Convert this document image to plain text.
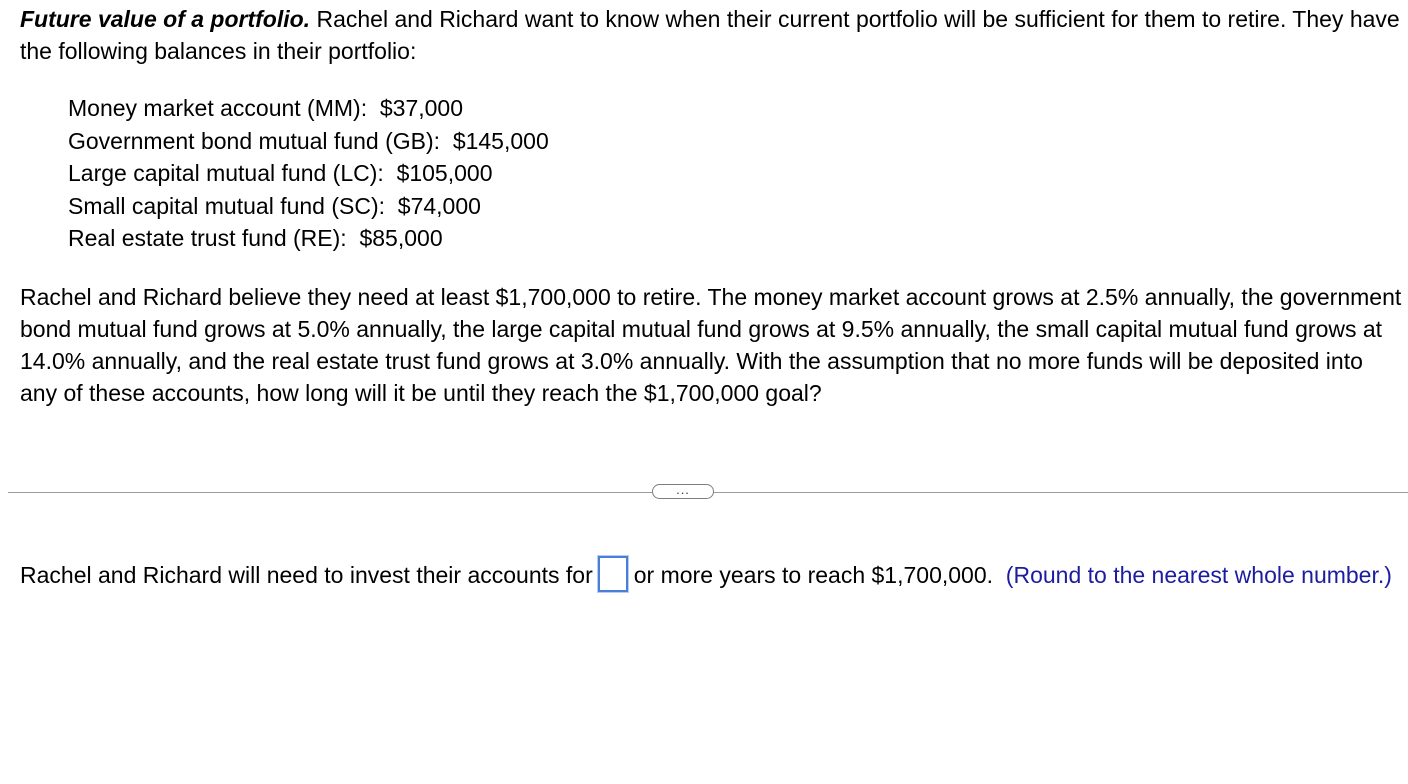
Future value of a portfolio. Rachel and Richard want to know when their current portfolio will be sufficient for them to retire. They have the following balances in their portfolio:
Money market account (MM): $37,000
Government bond mutual fund (GB): $145,000
Large capital mutual fund (LC): $105,000
Small capital mutual fund (SC): $74,000
Real estate trust fund (RE): $85,000
Rachel and Richard believe they need at least $1,700,000 to retire. The money market account grows at 2.5% annually, the government bond mutual fund grows at 5.0% annually, the large capital mutual fund grows at 9.5% annually, the small capital mutual fund grows at 14.0% annually, and the real estate trust fund grows at 3.0% annually. With the assumption that no more funds will be deposited into any of these accounts, how long will it be until they reach the $1,700,000 goal?
...
Rachel and Richard will need to invest their accounts for or more years to reach $1,700,000. (Round to the nearest whole number.)
